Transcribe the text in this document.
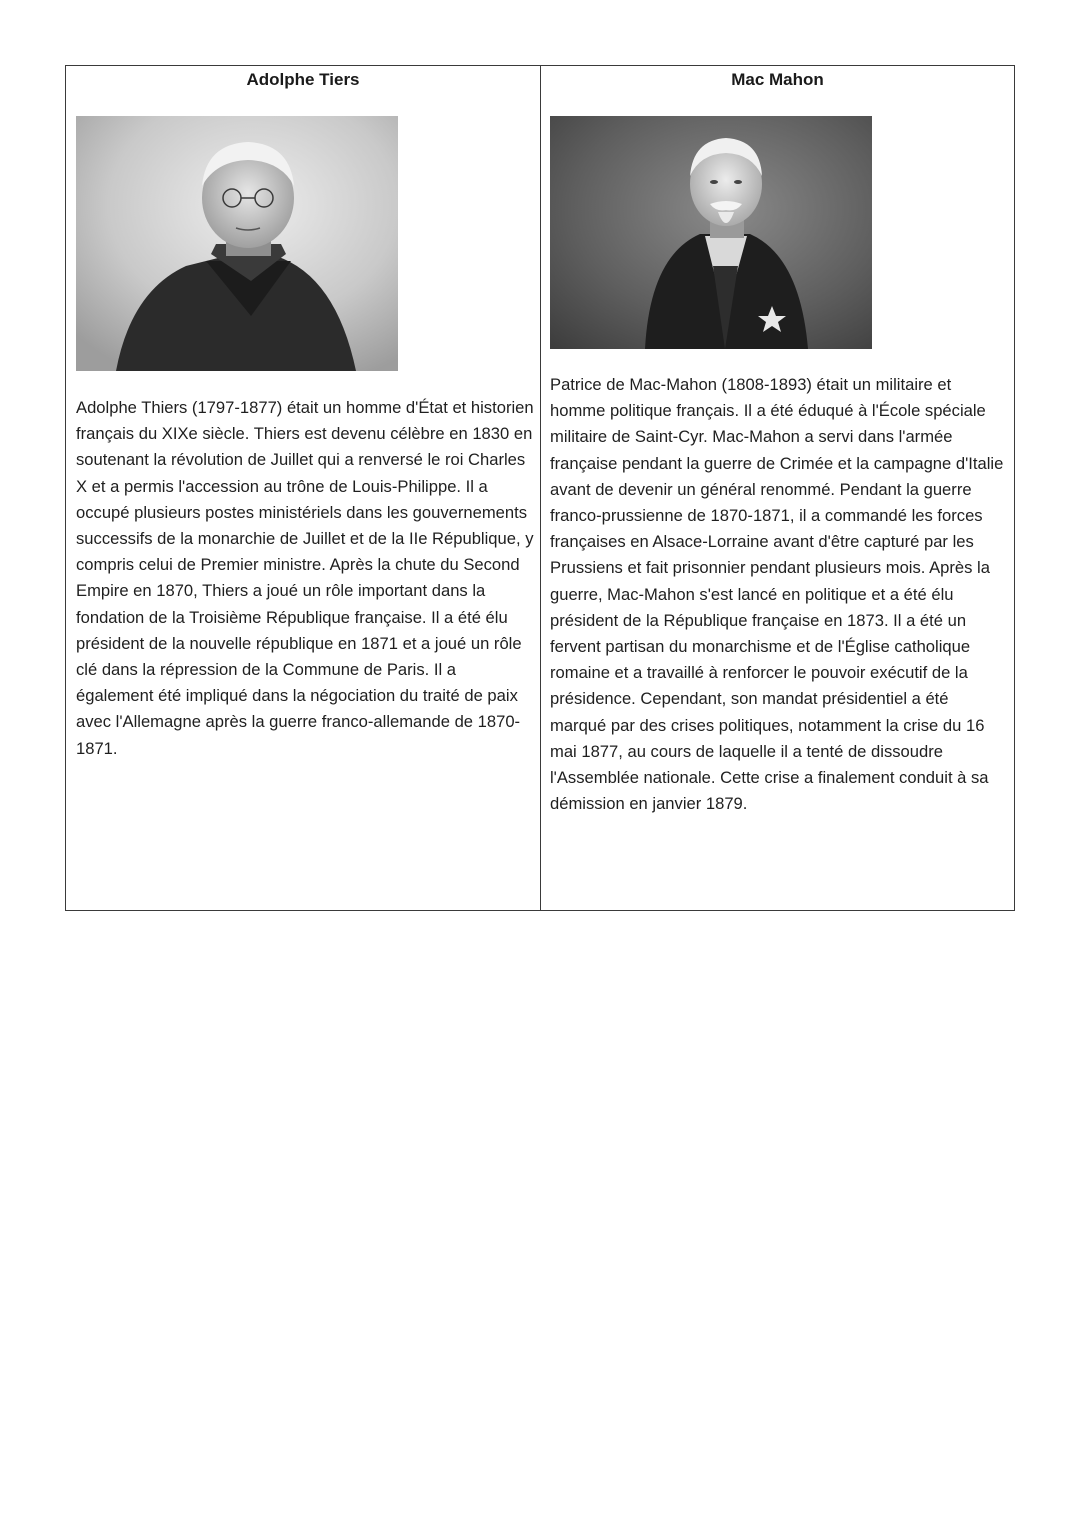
Adolphe Tiers

Adolphe Thiers (1797-1877) était un homme d'État et historien français du XIXe siècle. Thiers est devenu célèbre en 1830 en soutenant la révolution de Juillet qui a renversé le roi Charles X et a permis l'accession au trône de Louis-Philippe. Il a occupé plusieurs postes ministériels dans les gouvernements successifs de la monarchie de Juillet et de la IIe République, y compris celui de Premier ministre. Après la chute du Second Empire en 1870, Thiers a joué un rôle important dans la fondation de la Troisième République française. Il a été élu président de la nouvelle république en 1871 et a joué un rôle clé dans la répression de la Commune de Paris. Il a également été impliqué dans la négociation du traité de paix avec l'Allemagne après la guerre franco-allemande de 1870-1871.

Mac Mahon

Patrice de Mac-Mahon (1808-1893) était un militaire et homme politique français. Il a été éduqué à l'École spéciale militaire de Saint-Cyr. Mac-Mahon a servi dans l'armée française pendant la guerre de Crimée et la campagne d'Italie avant de devenir un général renommé. Pendant la guerre franco-prussienne de 1870-1871, il a commandé les forces françaises en Alsace-Lorraine avant d'être capturé par les Prussiens et fait prisonnier pendant plusieurs mois. Après la guerre, Mac-Mahon s'est lancé en politique et a été élu président de la République française en 1873. Il a été un fervent partisan du monarchisme et de l'Église catholique romaine et a travaillé à renforcer le pouvoir exécutif de la présidence. Cependant, son mandat présidentiel a été marqué par des crises politiques, notamment la crise du 16 mai 1877, au cours de laquelle il a tenté de dissoudre l'Assemblée nationale. Cette crise a finalement conduit à sa démission en janvier 1879.
